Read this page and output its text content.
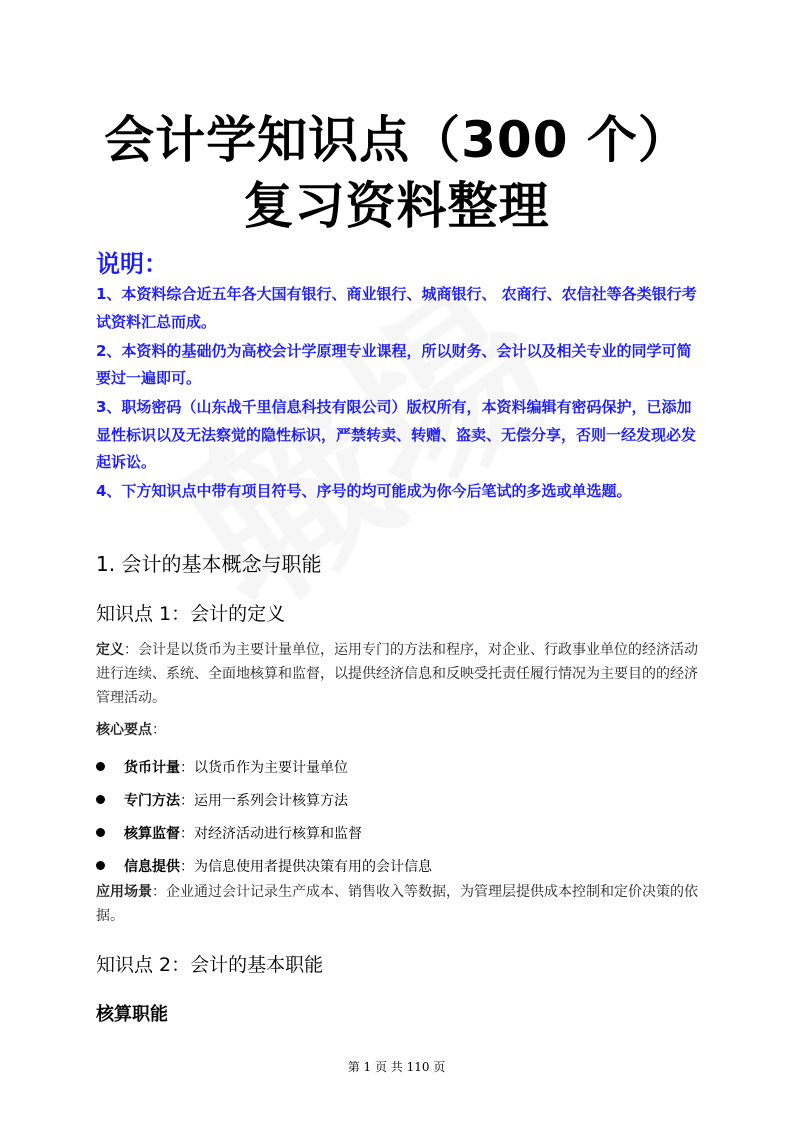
会计学知识点（300 个）
复习资料整理
说明：

1、本资料综合近五年各大国有银行、商业银行、城商银行、 农商行、农信社等各类银行考试资料汇总而成。

2、本资料的基础仍为高校会计学原理专业课程，所以财务、会计以及相关专业的同学可简要过一遍即可。

3、职场密码（山东战千里信息科技有限公司）版权所有，本资料编辑有密码保护，已添加显性标识以及无法察觉的隐性标识，严禁转卖、转赠、盗卖、无偿分享，否则一经发现必发起诉讼。

4、下方知识点中带有项目符号、序号的均可能成为你今后笔试的多选或单选题。

1. 会计的基本概念与职能
知识点 1：会计的定义
定义：会计是以货币为主要计量单位，运用专门的方法和程序，对企业、行政事业单位的经济活动进行连续、系统、全面地核算和监督，以提供经济信息和反映受托责任履行情况为主要目的的经济管理活动。
核心要点：
货币计量 ：以货币作为主要计量单位
专门方法 ：运用一系列会计核算方法
核算监督 ：对经济活动进行核算和监督
信息提供 ：为信息使用者提供决策有用的会计信息
应用场景：企业通过会计记录生产成本、销售收入等数据，为管理层提供成本控制和定价决策的依据。
知识点 2：会计的基本职能
核算职能
第 1 页 共 110 页
